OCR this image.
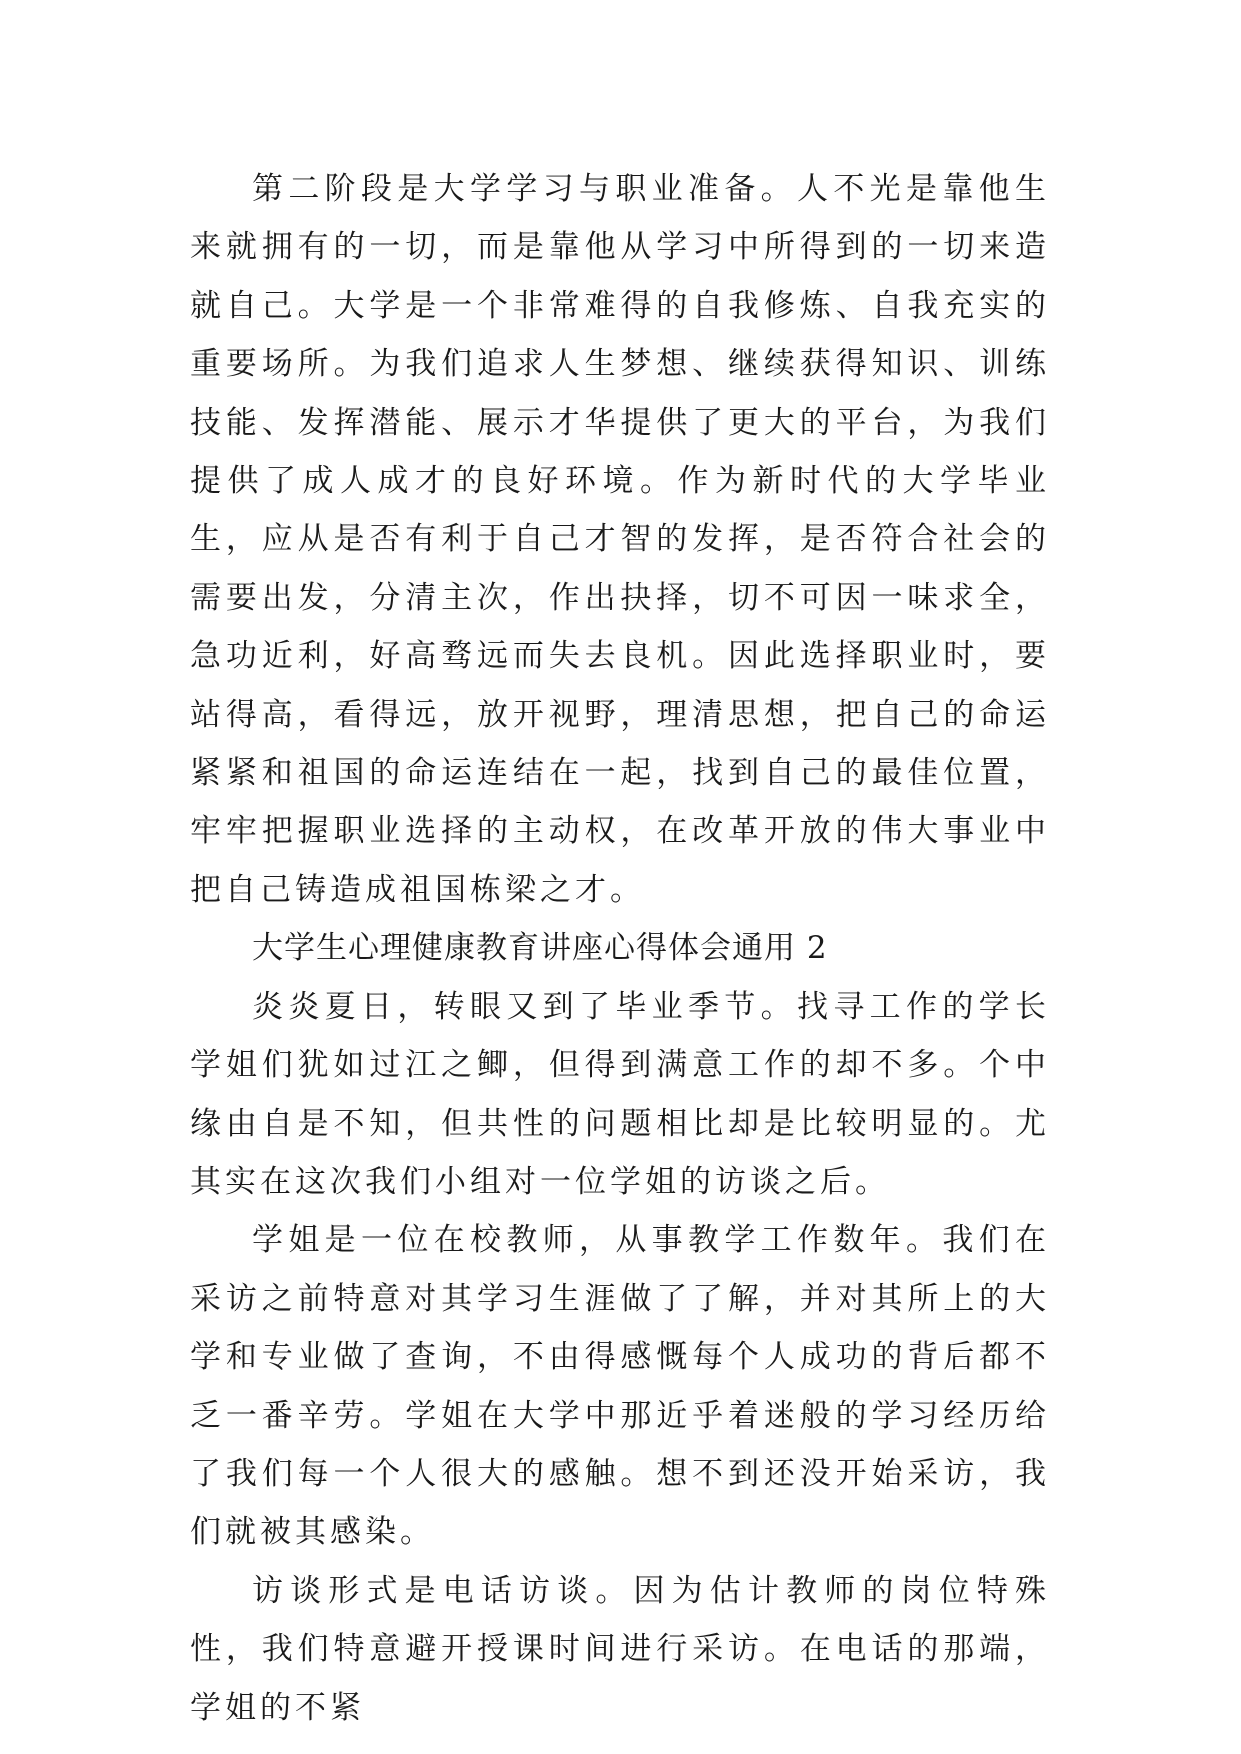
第二阶段是大学学习与职业准备。人不光是靠他生来就拥有的一切，而是靠他从学习中所得到的一切来造就自己。大学是一个非常难得的自我修炼、自我充实的重要场所。为我们追求人生梦想、继续获得知识、训练技能、发挥潜能、展示才华提供了更大的平台，为我们提供了成人成才的良好环境。作为新时代的大学毕业生，应从是否有利于自己才智的发挥，是否符合社会的需要出发，分清主次，作出抉择，切不可因一味求全，急功近利，好高骛远而失去良机。因此选择职业时，要站得高，看得远，放开视野，理清思想，把自己的命运紧紧和祖国的命运连结在一起，找到自己的最佳位置，牢牢把握职业选择的主动权，在改革开放的伟大事业中把自己铸造成祖国栋梁之才。

大学生心理健康教育讲座心得体会通用 2

炎炎夏日，转眼又到了毕业季节。找寻工作的学长学姐们犹如过江之鲫，但得到满意工作的却不多。个中缘由自是不知，但共性的问题相比却是比较明显的。尤其实在这次我们小组对一位学姐的访谈之后。

学姐是一位在校教师，从事教学工作数年。我们在采访之前特意对其学习生涯做了了解，并对其所上的大学和专业做了查询，不由得感慨每个人成功的背后都不乏一番辛劳。学姐在大学中那近乎着迷般的学习经历给了我们每一个人很大的感触。想不到还没开始采访，我们就被其感染。

访谈形式是电话访谈。因为估计教师的岗位特殊性，我们特意避开授课时间进行采访。在电话的那端，学姐的不紧
